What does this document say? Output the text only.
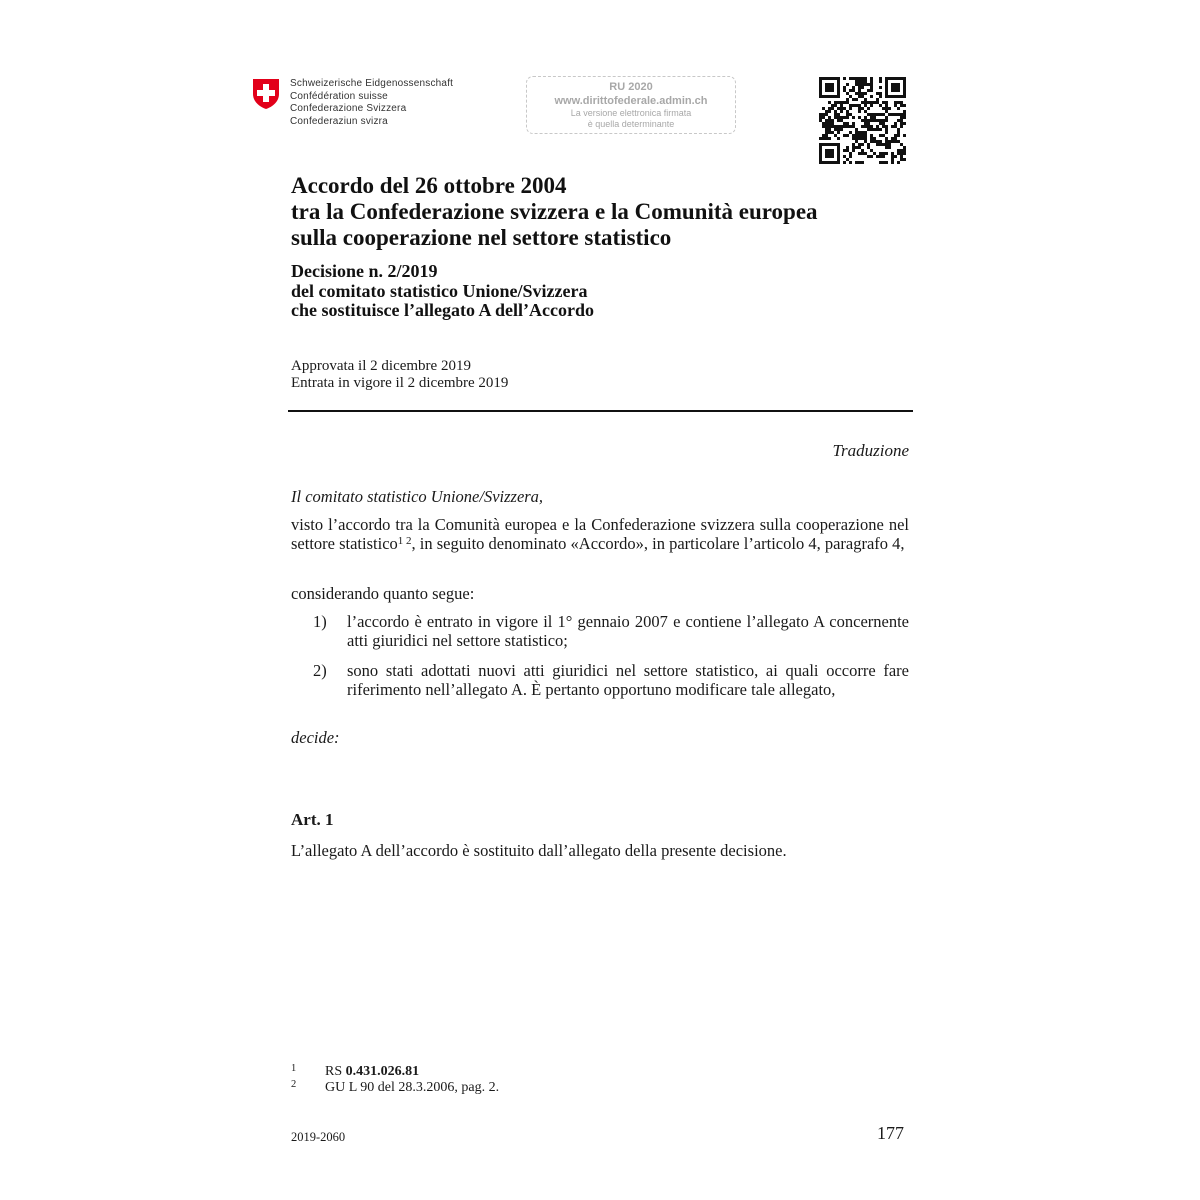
Schweizerische Eidgenossenschaft
Confédération suisse
Confederazione Svizzera
Confederaziun svizra
RU 2020
www.dirittofederale.admin.ch
La versione elettronica firmata
è quella determinante
Accordo del 26 ottobre 2004
tra la Confederazione svizzera e la Comunità europea
sulla cooperazione nel settore statistico
Decisione n. 2/2019
del comitato statistico Unione/Svizzera
che sostituisce l’allegato A dell’Accordo
Approvata il 2 dicembre 2019
Entrata in vigore il 2 dicembre 2019
Traduzione
Il comitato statistico Unione/Svizzera,
visto l’accordo tra la Comunità europea e la Confederazione svizzera sulla cooperazione nel settore statistico$^{1 2}$, in seguito denominato «Accordo», in particolare l’articolo 4, paragrafo 4,
considerando quanto segue:
1) l’accordo è entrato in vigore il 1° gennaio 2007 e contiene l’allegato A concernente atti giuridici nel settore statistico;
2) sono stati adottati nuovi atti giuridici nel settore statistico, ai quali occorre fare riferimento nell’allegato A. È pertanto opportuno modificare tale allegato,
decide:
Art. 1
L’allegato A dell’accordo è sostituito dall’allegato della presente decisione.
1 RS 0.431.026.81
2 GU L 90 del 28.3.2006, pag. 2.
2019-2060	177
